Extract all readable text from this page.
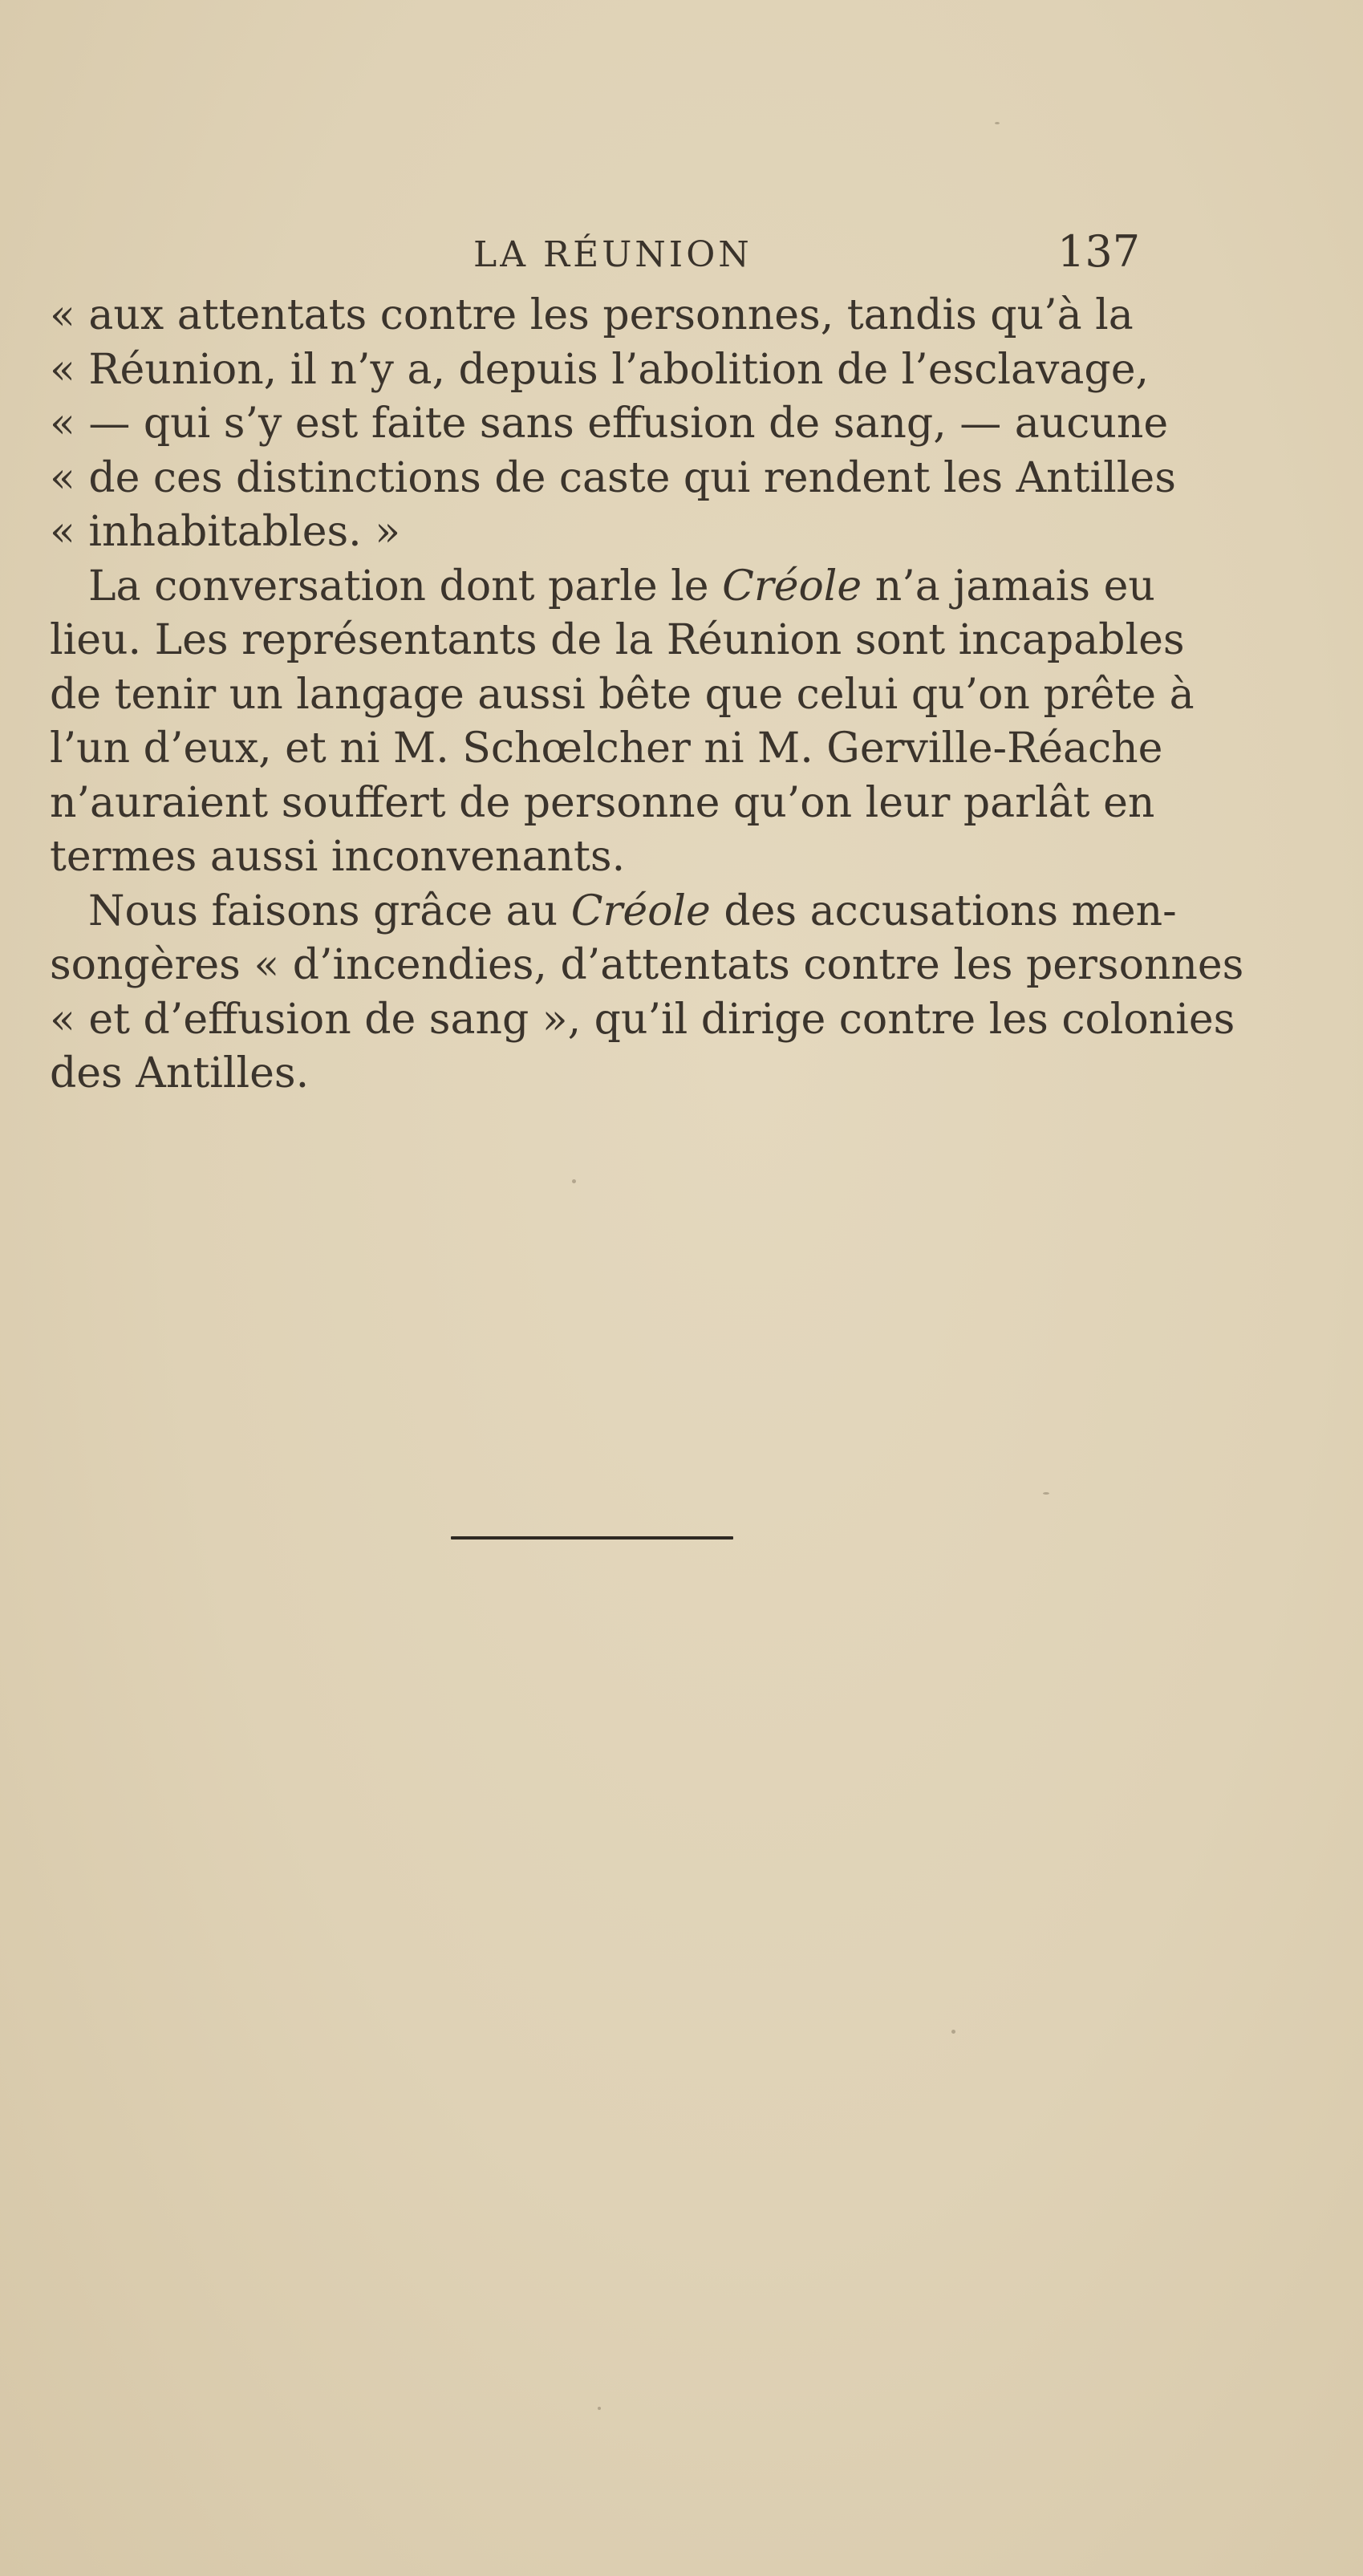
LA RÉUNION	137
« aux attentats contre les personnes, tandis qu’à la
« Réunion, il n’y a, depuis l’abolition de l’esclavage,
« — qui s’y est faite sans effusion de sang, — aucune
« de ces distinctions de caste qui rendent les Antilles
« inhabitables. »
La conversation dont parle le Créole n’a jamais eu
lieu. Les représentants de la Réunion sont incapables
de tenir un langage aussi bête que celui qu’on prête à
l’un d’eux, et ni M. Schœlcher ni M. Gerville-Réache
n’auraient souffert de personne qu’on leur parlât en
termes aussi inconvenants.
Nous faisons grâce au Créole des accusations men-
songères « d’incendies, d’attentats contre les personnes
« et d’effusion de sang », qu’il dirige contre les colonies
des Antilles.
